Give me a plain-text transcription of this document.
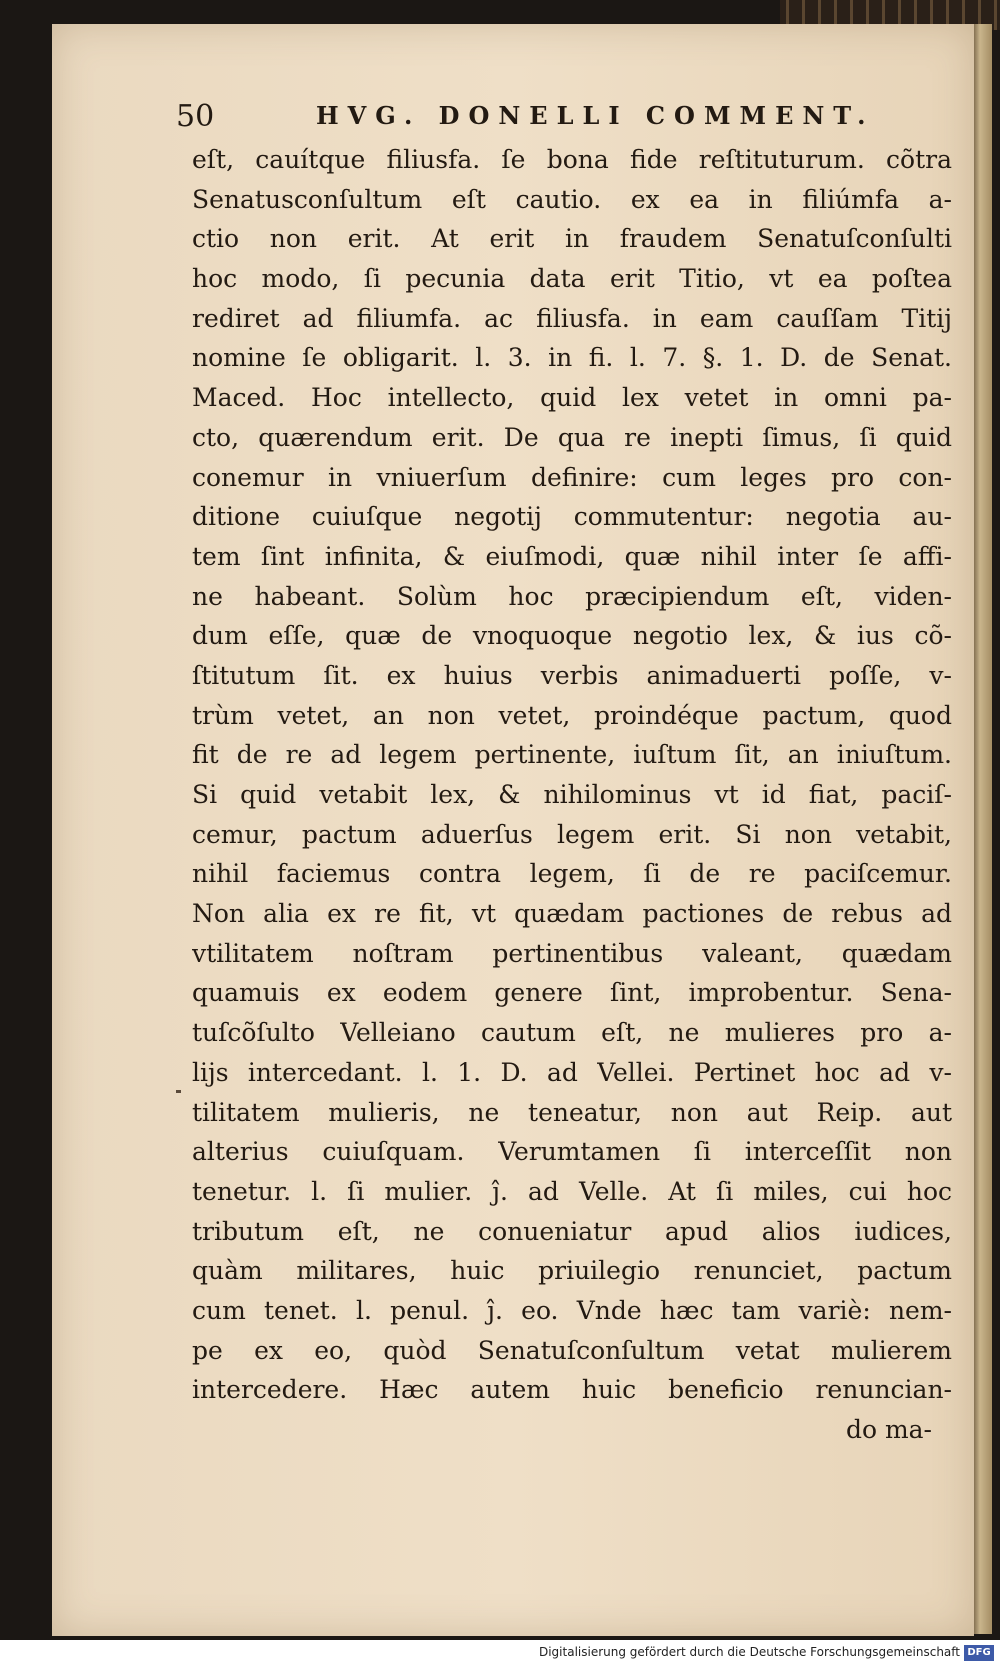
50	HVG. DONELLI COMMENT.
eſt, cauítque filiusfa. ſe bona fide reſtituturum. cõtra
Senatusconſultum eſt cautio. ex ea in filiúmfa a-
ctio non erit. At erit in fraudem Senatuſconſulti
hoc modo, ſi pecunia data erit Titio, vt ea poſtea
rediret ad filiumfa. ac filiusfa. in eam cauſſam Titij
nomine ſe obligarit. l. 3. in fi. l. 7. §. 1. D. de Senat.
Maced. Hoc intellecto, quid lex vetet in omni pa-
cto, quærendum erit. De qua re inepti ſimus, ſi quid
conemur in vniuerſum definire: cum leges pro con-
ditione cuiuſque negotij commutentur: negotia au-
tem ſint infinita, & eiuſmodi, quæ nihil inter ſe affi-
ne habeant. Solùm hoc præcipiendum eſt, viden-
dum eſſe, quæ de vnoquoque negotio lex, & ius cõ-
ſtitutum ſit. ex huius verbis animaduerti poſſe, v-
trùm vetet, an non vetet, proindéque pactum, quod
fit de re ad legem pertinente, iuſtum ſit, an iniuſtum.
Si quid vetabit lex, & nihilominus vt id fiat, paciſ-
cemur, pactum aduerſus legem erit. Si non vetabit,
nihil faciemus contra legem, ſi de re paciſcemur.
Non alia ex re fit, vt quædam pactiones de rebus ad
vtilitatem noſtram pertinentibus valeant, quædam
quamuis ex eodem genere ſint, improbentur. Sena-
tuſcõſulto Velleiano cautum eſt, ne mulieres pro a-
lijs intercedant. l. 1. D. ad Vellei. Pertinet hoc ad v-
tilitatem mulieris, ne teneatur, non aut Reip. aut
alterius cuiuſquam. Verumtamen ſi interceſſit non
tenetur. l. ſi mulier. ĵ. ad Velle. At ſi miles, cui hoc
tributum eſt, ne conueniatur apud alios iudices,
quàm militares, huic priuilegio renunciet, pactum
cum tenet. l. penul. ĵ. eo. Vnde hæc tam variè: nem-
pe ex eo, quòd Senatuſconſultum vetat mulierem
intercedere. Hæc autem huic beneficio renuncian-
do ma-
Digitalisierung gefördert durch die Deutsche Forschungsgemeinschaft DFG
